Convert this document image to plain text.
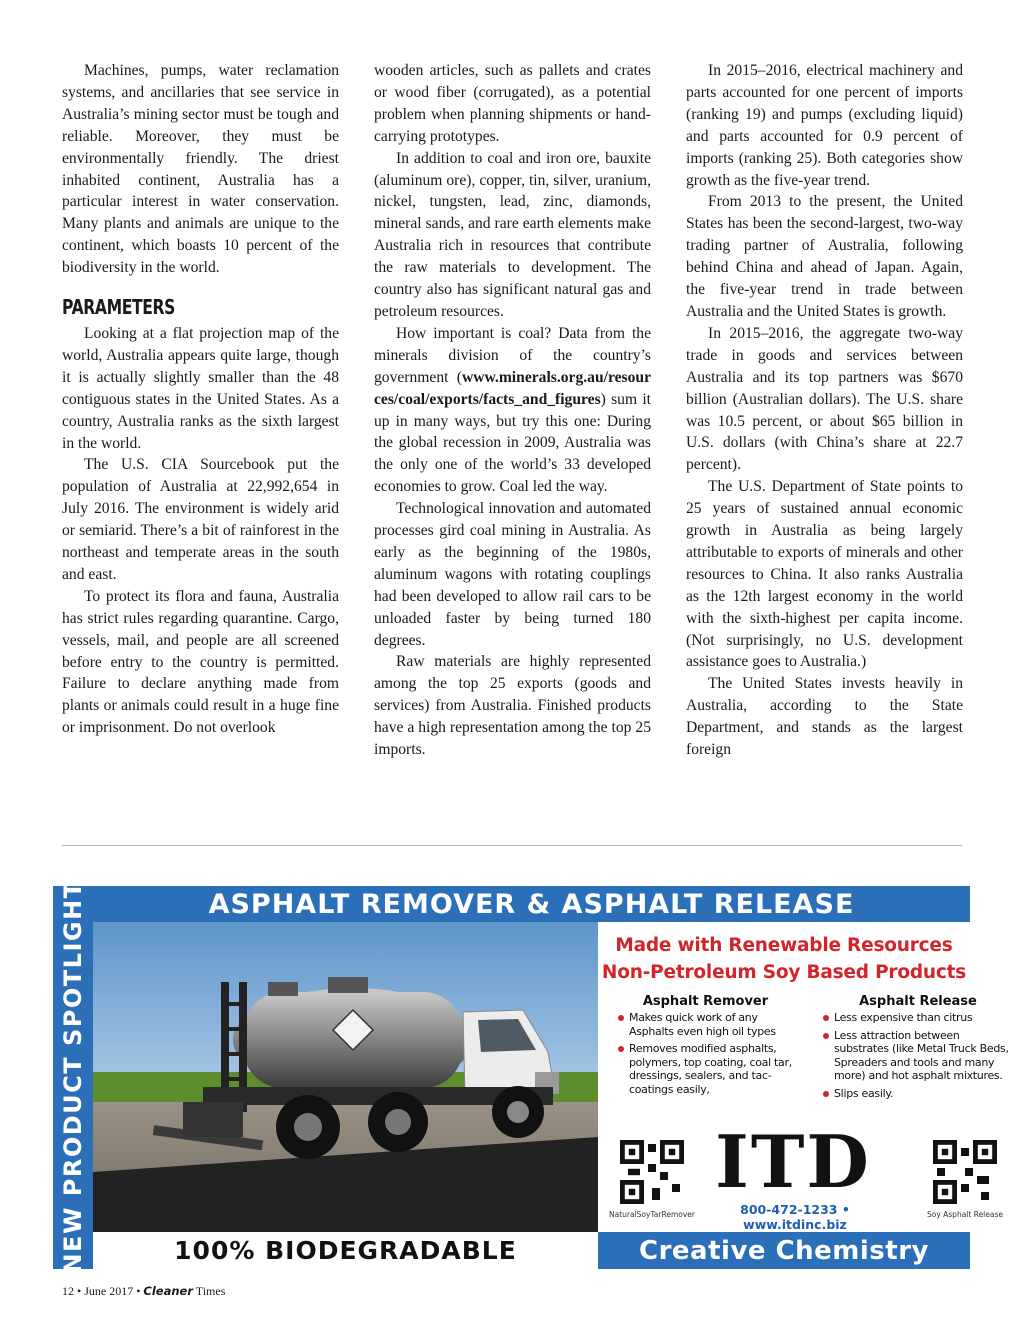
Machines, pumps, water reclamation systems, and ancillaries that see service in Australia’s mining sector must be tough and reliable. Moreover, they must be environmentally friendly. The driest inhabited continent, Australia has a particular interest in water conservation. Many plants and animals are unique to the continent, which boasts 10 percent of the biodiversity in the world.

PARAMETERS

Looking at a flat projection map of the world, Australia appears quite large, though it is actually slightly smaller than the 48 contiguous states in the United States. As a country, Australia ranks as the sixth largest in the world.

The U.S. CIA Sourcebook put the population of Australia at 22,992,654 in July 2016. The environment is widely arid or semiarid. There’s a bit of rainforest in the northeast and temperate areas in the south and east.

To protect its flora and fauna, Australia has strict rules regarding quarantine. Cargo, vessels, mail, and people are all screened before entry to the country is permitted. Failure to declare anything made from plants or animals could result in a huge fine or imprisonment. Do not overlook

wooden articles, such as pallets and crates or wood fiber (corrugated), as a potential problem when planning shipments or hand-carrying prototypes.

In addition to coal and iron ore, bauxite (aluminum ore), copper, tin, silver, uranium, nickel, tungsten, lead, zinc, diamonds, mineral sands, and rare earth elements make Australia rich in resources that contribute the raw materials to development. The country also has significant natural gas and petroleum resources.

How important is coal? Data from the minerals division of the country’s government (www.minerals.org.au/resources/coal/exports/facts_and_figures) sum it up in many ways, but try this one: During the global recession in 2009, Australia was the only one of the world’s 33 developed economies to grow. Coal led the way.

Technological innovation and automated processes gird coal mining in Australia. As early as the beginning of the 1980s, aluminum wagons with rotating couplings had been developed to allow rail cars to be unloaded faster by being turned 180 degrees.

Raw materials are highly represented among the top 25 exports (goods and services) from Australia. Finished products have a high representation among the top 25 imports.

In 2015–2016, electrical machinery and parts accounted for one percent of imports (ranking 19) and pumps (excluding liquid) and parts accounted for 0.9 percent of imports (ranking 25). Both categories show growth as the five-year trend.

From 2013 to the present, the United States has been the second-largest, two-way trading partner of Australia, following behind China and ahead of Japan. Again, the five-year trend in trade between Australia and the United States is growth.

In 2015–2016, the aggregate two-way trade in goods and services between Australia and its top partners was $670 billion (Australian dollars). The U.S. share was 10.5 percent, or about $65 billion in U.S. dollars (with China’s share at 22.7 percent).

The U.S. Department of State points to 25 years of sustained annual economic growth in Australia as being largely attributable to exports of minerals and other resources to China. It also ranks Australia as the 12th largest economy in the world with the sixth-highest per capita income. (Not surprisingly, no U.S. development assistance goes to Australia.)

The United States invests heavily in Australia, according to the State Department, and stands as the largest foreign

NEW PRODUCT SPOTLIGHT	ASPHALT REMOVER & ASPHALT RELEASE
Made with Renewable Resources
Non-Petroleum Soy Based Products
Asphalt Remover
Makes quick work of any Asphalts even high oil types
Removes modified asphalts, polymers, top coating, coal tar, dressings, sealers, and tac-coatings easily,
Asphalt Release
Less expensive than citrus
Less attraction between substrates (like Metal Truck Beds, Spreaders and tools and many more) and hot asphalt mixtures.
Slips easily.
NaturalSoyTarRemover
ITD
800-472-1233 • www.itdinc.biz
Soy Asphalt Release
100% BIODEGRADABLE	Creative Chemistry
12 • June 2017 • Cleaner Times
